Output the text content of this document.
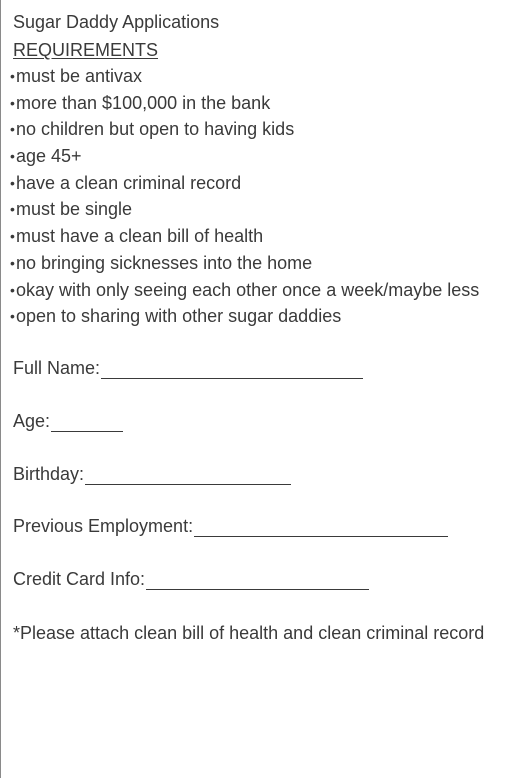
Sugar Daddy Applications
REQUIREMENTS
• must be antivax
• more than $100,000 in the bank
• no children but open to having kids
• age 45+
• have a clean criminal record
• must be single
• must have a clean bill of health
• no bringing sicknesses into the home
• okay with only seeing each other once a week/maybe less
• open to sharing with other sugar daddies
Full Name:
Age:
Birthday:
Previous Employment:
Credit Card Info:
*Please attach clean bill of health and clean criminal record
